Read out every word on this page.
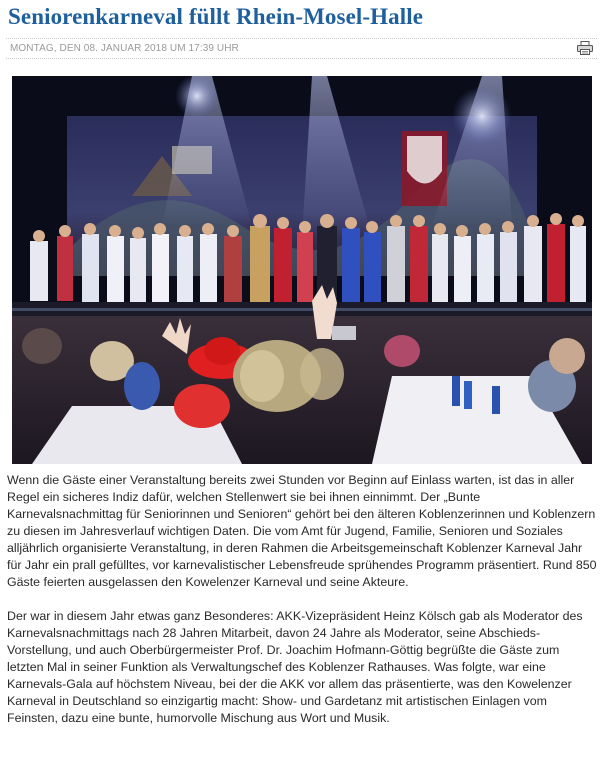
Seniorenkarneval füllt Rhein-Mosel-Halle
MONTAG, DEN 08. JANUAR 2018 UM 17:39 UHR

Wenn die Gäste einer Veranstaltung bereits zwei Stunden vor Beginn auf Einlass warten, ist das in aller Regel ein sicheres Indiz dafür, welchen Stellenwert sie bei ihnen einnimmt. Der „Bunte Karnevalsnachmittag für Seniorinnen und Senioren“ gehört bei den älteren Koblenzerinnen und Koblenzern zu diesen im Jahresverlauf wichtigen Daten. Die vom Amt für Jugend, Familie, Senioren und Soziales alljährlich organisierte Veranstaltung, in deren Rahmen die Arbeitsgemeinschaft Koblenzer Karneval Jahr für Jahr ein prall gefülltes, vor karnevalistischer Lebensfreude sprühendes Programm präsentiert. Rund 850 Gäste feierten ausgelassen den Kowelenzer Karneval und seine Akteure.

Der war in diesem Jahr etwas ganz Besonderes: AKK-Vizepräsident Heinz Kölsch gab als Moderator des Karnevalsnachmittags nach 28 Jahren Mitarbeit, davon 24 Jahre als Moderator, seine Abschieds-Vorstellung, und auch Oberbürgermeister Prof. Dr. Joachim Hofmann-Göttig begrüßte die Gäste zum letzten Mal in seiner Funktion als Verwaltungschef des Koblenzer Rathauses. Was folgte, war eine Karnevals-Gala auf höchstem Niveau, bei der die AKK vor allem das präsentierte, was den Kowelenzer Karneval in Deutschland so einzigartig macht: Show- und Gardetanz mit artistischen Einlagen vom Feinsten, dazu eine bunte, humorvolle Mischung aus Wort und Musik.
